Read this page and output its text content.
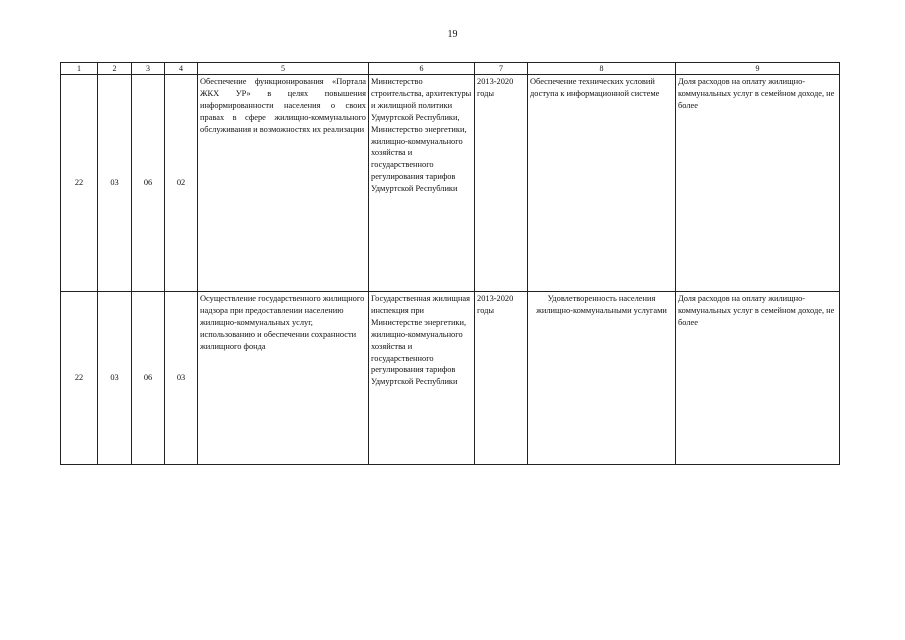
19
1	2	3	4	5	6	7	8	9
22	03	06	02	Обеспечение функционирования «Портала ЖКХ УР» в целях повышения информированности населения о своих правах в сфере жилищно-коммунального обслуживания и возможностях их реализации	Министерство строительства, архитектуры и жилищной политики Удмуртской Республики, Министерство энергетики, жилищно-коммунального хозяйства и государственного регулирования тарифов Удмуртской Республики	2013-2020 годы	Обеспечение технических условий доступа к информационной системе	Доля расходов на оплату жилищно-коммунальных услуг в семейном доходе, не более
22	03	06	03	Осуществление государственного жилищного надзора при предоставлении населению жилищно-коммунальных услуг, использованию и обеспечении сохранности жилищного фонда	Государственная жилищная инспекция при Министерстве энергетики, жилищно-коммунального хозяйства и государственного регулирования тарифов Удмуртской Республики	2013-2020 годы	Удовлетворенность населения жилищно-коммунальными услугами	Доля расходов на оплату жилищно-коммунальных услуг в семейном доходе, не более
